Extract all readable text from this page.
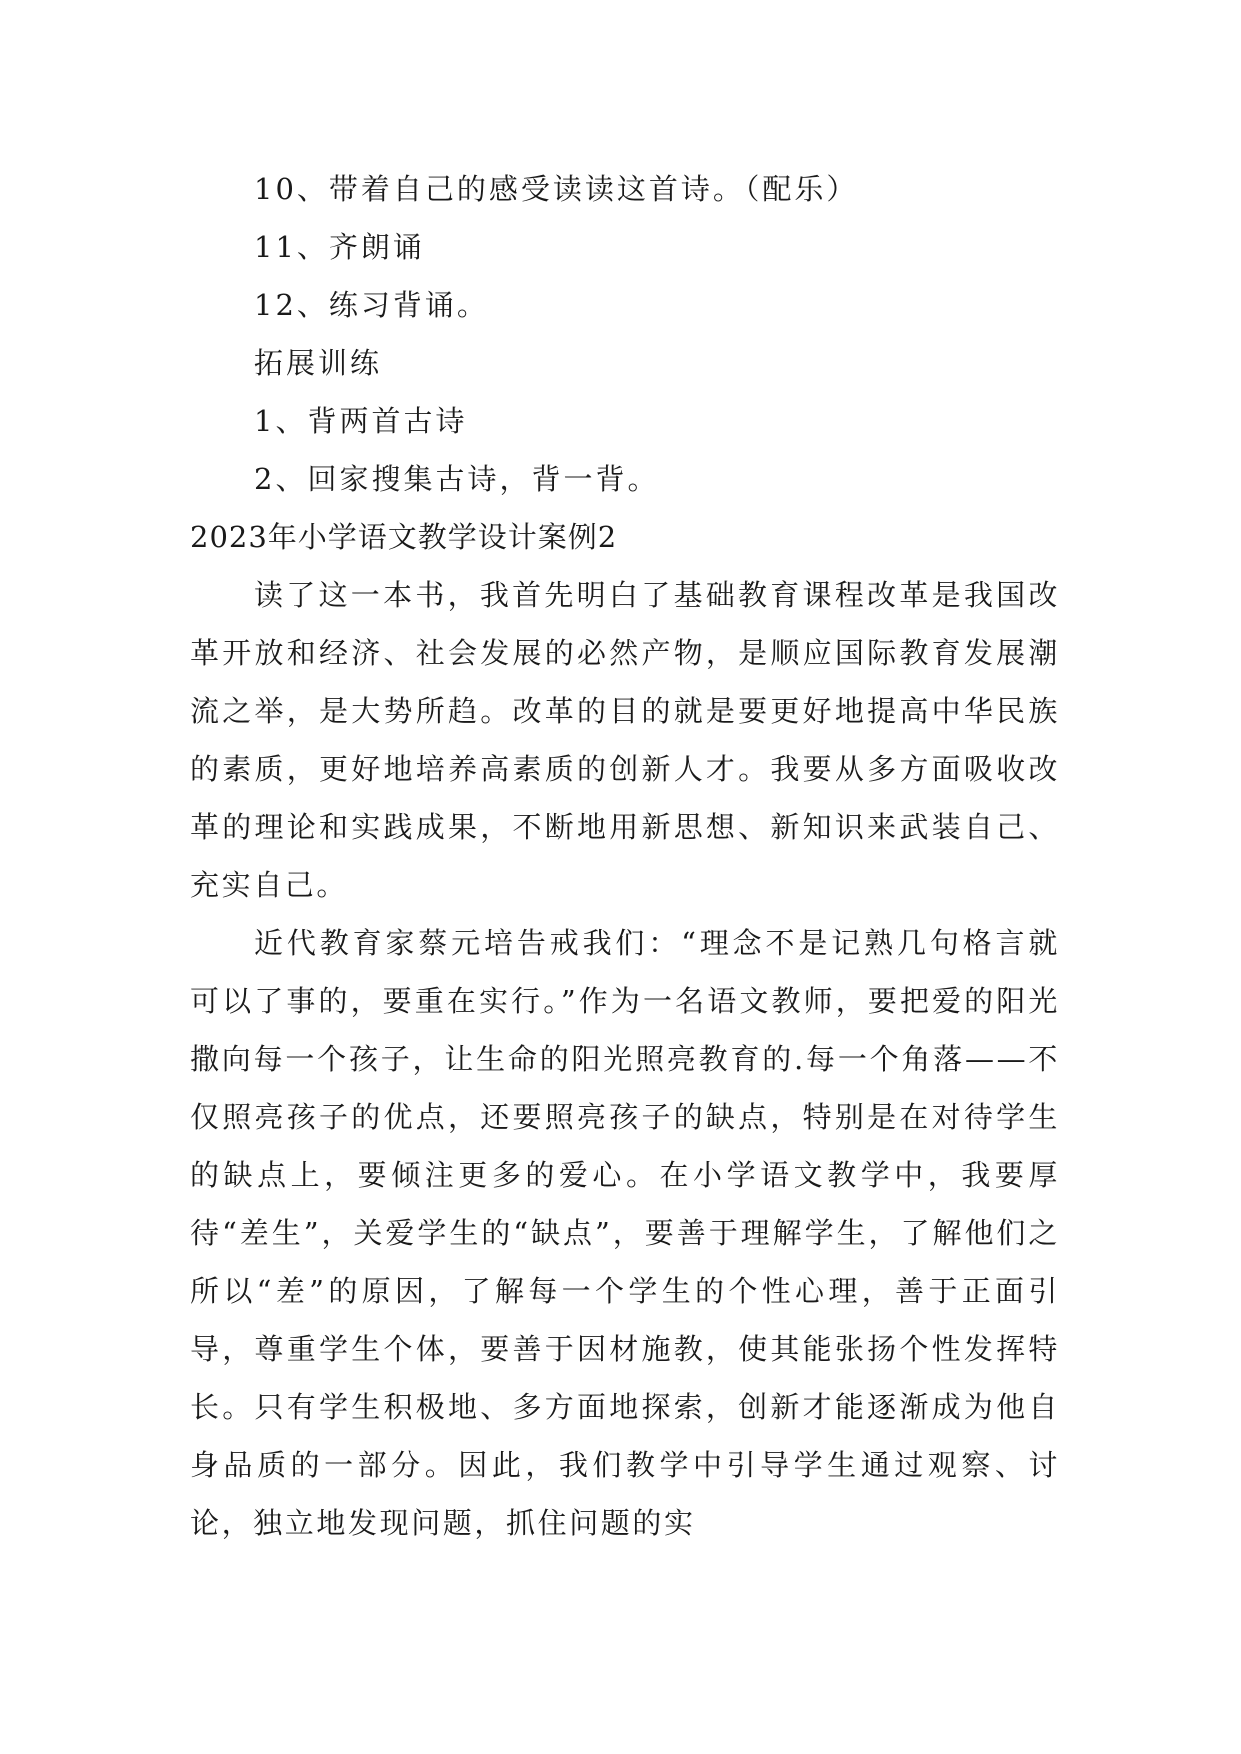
10、带着自己的感受读读这首诗。（配乐）
11、齐朗诵
12、练习背诵。
拓展训练
1、背两首古诗
2、回家搜集古诗，背一背。
2023年小学语文教学设计案例2

读了这一本书，我首先明白了基础教育课程改革是我国改革开放和经济、社会发展的必然产物，是顺应国际教育发展潮流之举，是大势所趋。改革的目的就是要更好地提高中华民族的素质，更好地培养高素质的创新人才。我要从多方面吸收改革的理论和实践成果，不断地用新思想、新知识来武装自己、充实自己。

近代教育家蔡元培告戒我们：“理念不是记熟几句格言就可以了事的，要重在实行。”作为一名语文教师，要把爱的阳光撒向每一个孩子，让生命的阳光照亮教育的.每一个角落——不仅照亮孩子的优点，还要照亮孩子的缺点，特别是在对待学生的缺点上，要倾注更多的爱心。在小学语文教学中，我要厚待“差生”，关爱学生的“缺点”，要善于理解学生，了解他们之所以“差”的原因，了解每一个学生的个性心理，善于正面引导，尊重学生个体，要善于因材施教，使其能张扬个性发挥特长。只有学生积极地、多方面地探索，创新才能逐渐成为他自身品质的一部分。因此，我们教学中引导学生通过观察、讨论，独立地发现问题，抓住问题的实
